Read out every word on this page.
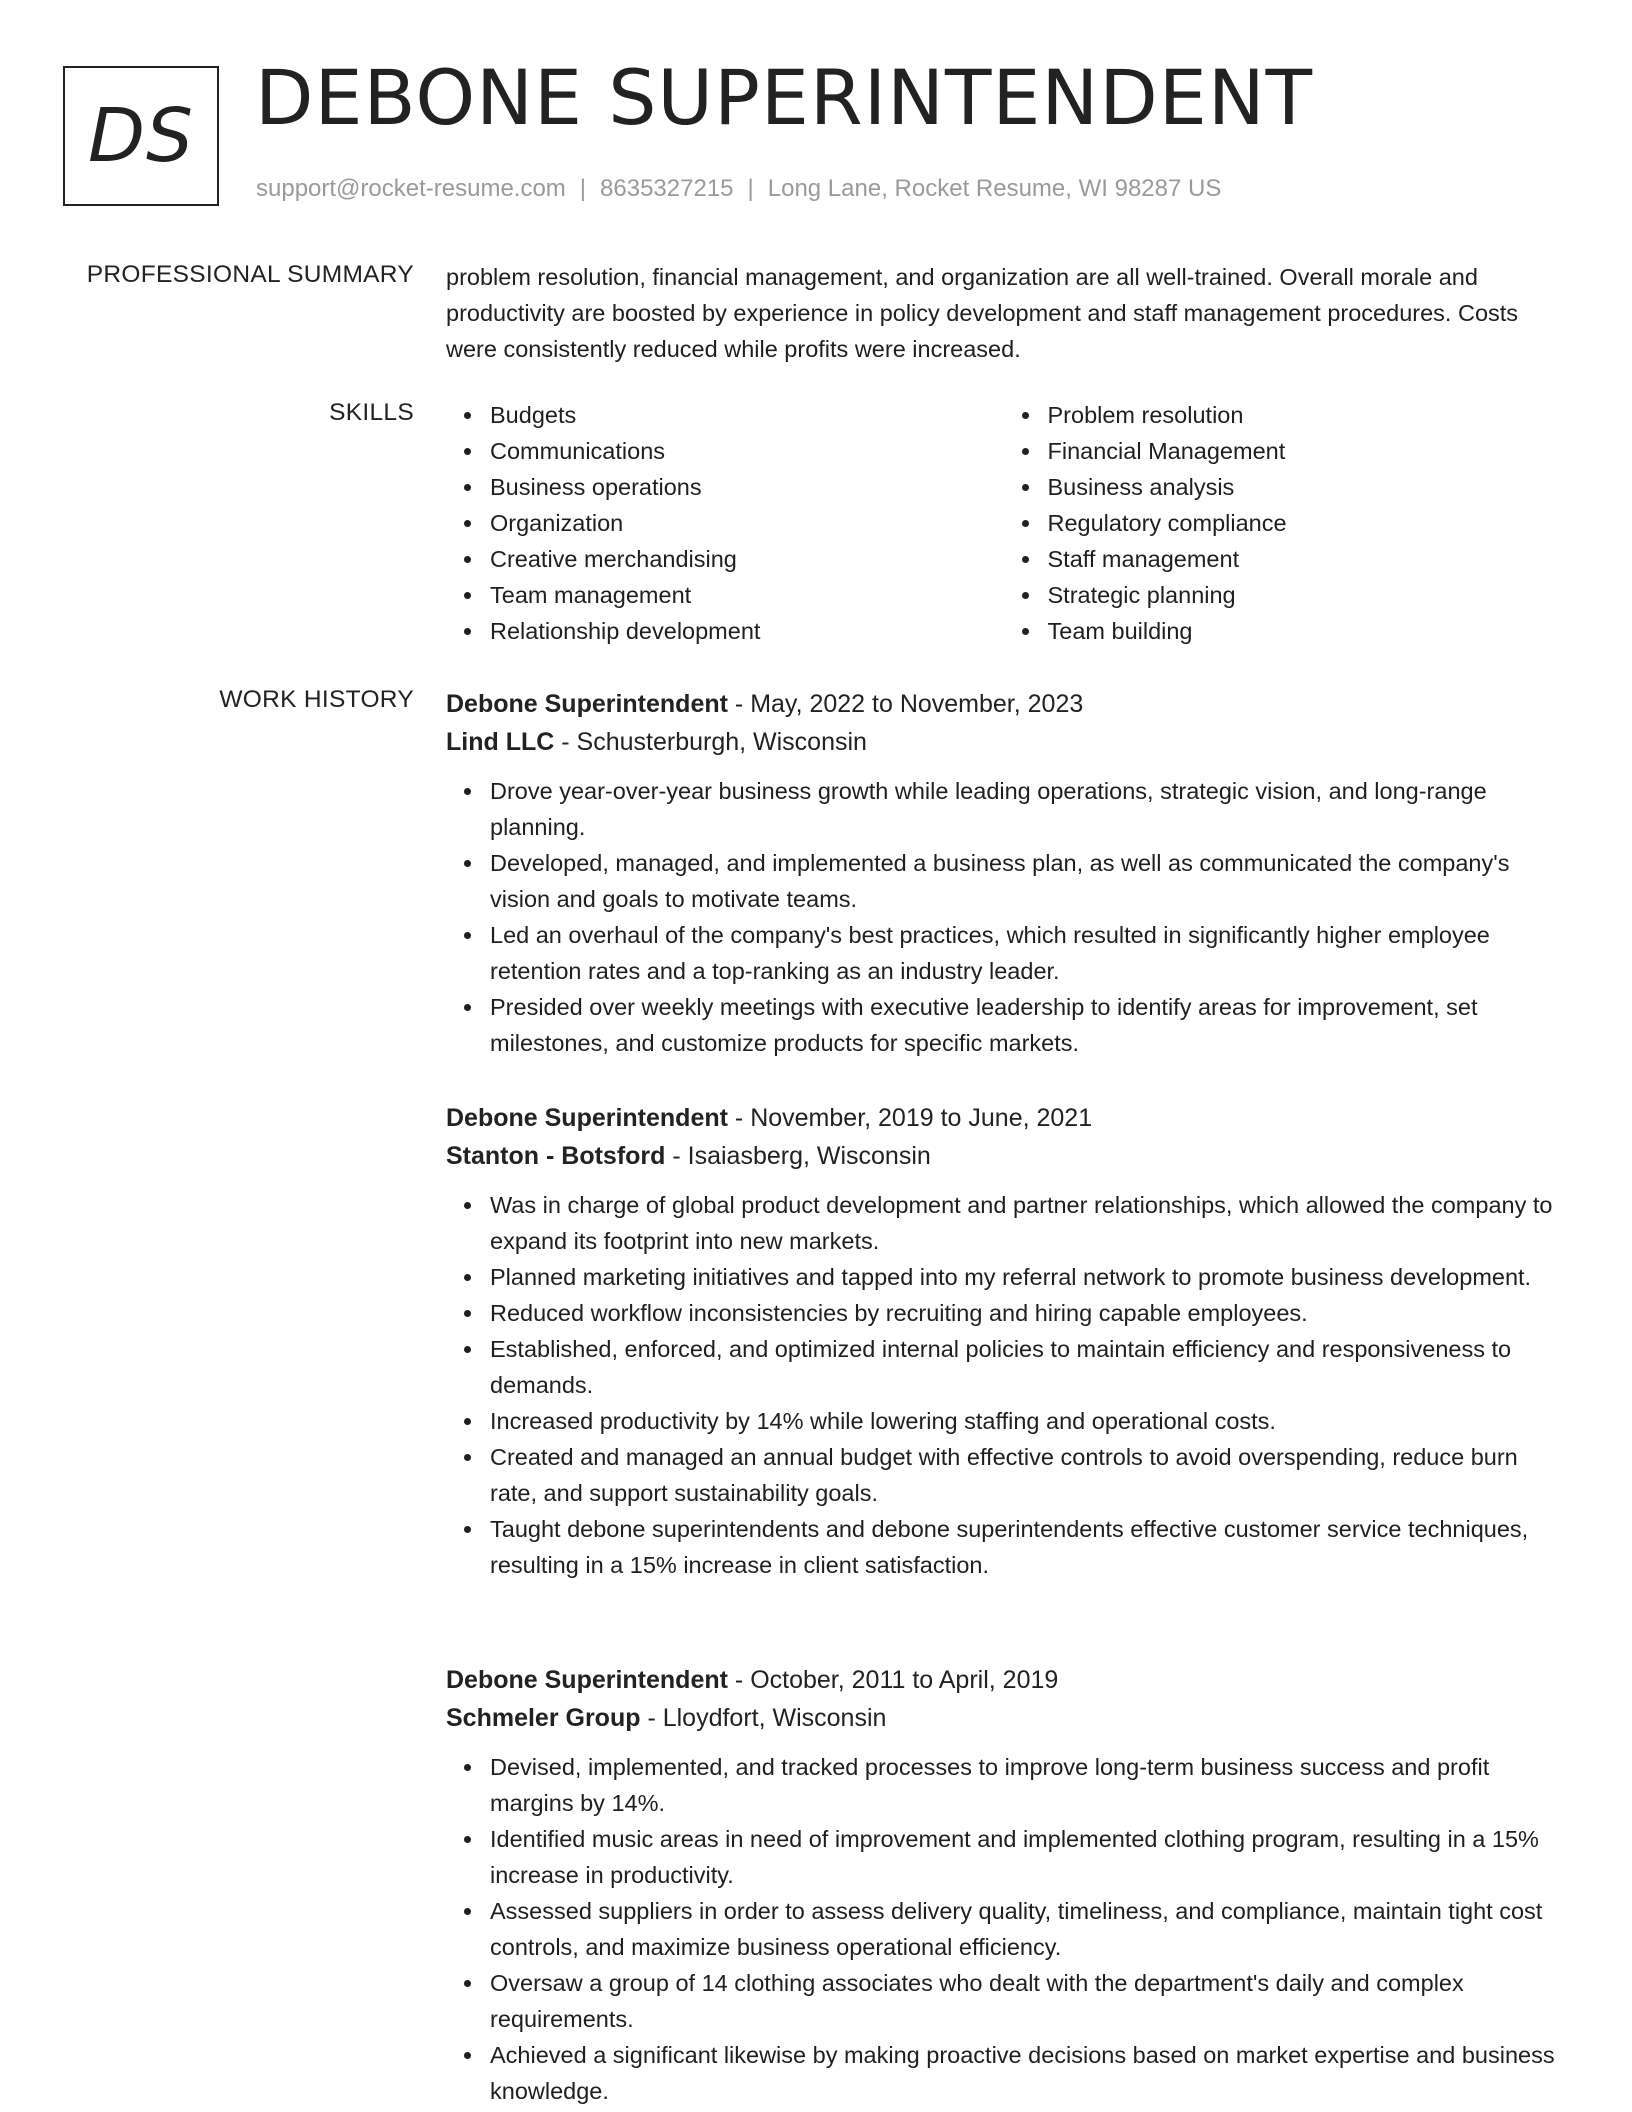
DS DEBONE SUPERINTENDENT
support@rocket-resume.com | 8635327215 | Long Lane, Rocket Resume, WI 98287 US
PROFESSIONAL SUMMARY problem resolution, financial management, and organization are all well-trained. Overall morale and productivity are boosted by experience in policy development and staff management procedures. Costs were consistently reduced while profits were increased.
SKILLS	Budgets
Communications
Business operations
Organization
Creative merchandising
Team management
Relationship development
Problem resolution
Financial Management
Business analysis
Regulatory compliance
Staff management
Strategic planning
Team building
WORK HISTORY Debone Superintendent - May, 2022 to November, 2023
Lind LLC - Schusterburgh, Wisconsin
Drove year-over-year business growth while leading operations, strategic vision, and long-range planning.
Developed, managed, and implemented a business plan, as well as communicated the company's vision and goals to motivate teams.
Led an overhaul of the company's best practices, which resulted in significantly higher employee retention rates and a top-ranking as an industry leader.
Presided over weekly meetings with executive leadership to identify areas for improvement, set milestones, and customize products for specific markets.
Debone Superintendent - November, 2019 to June, 2021
Stanton - Botsford - Isaiasberg, Wisconsin
Was in charge of global product development and partner relationships, which allowed the company to expand its footprint into new markets.
Planned marketing initiatives and tapped into my referral network to promote business development.
Reduced workflow inconsistencies by recruiting and hiring capable employees.
Established, enforced, and optimized internal policies to maintain efficiency and responsiveness to demands.
Increased productivity by 14% while lowering staffing and operational costs.
Created and managed an annual budget with effective controls to avoid overspending, reduce burn rate, and support sustainability goals.
Taught debone superintendents and debone superintendents effective customer service techniques, resulting in a 15% increase in client satisfaction.
Debone Superintendent - October, 2011 to April, 2019
Schmeler Group - Lloydfort, Wisconsin
Devised, implemented, and tracked processes to improve long-term business success and profit margins by 14%.
Identified music areas in need of improvement and implemented clothing program, resulting in a 15% increase in productivity.
Assessed suppliers in order to assess delivery quality, timeliness, and compliance, maintain tight cost controls, and maximize business operational efficiency.
Oversaw a group of 14 clothing associates who dealt with the department's daily and complex requirements.
Achieved a significant likewise by making proactive decisions based on market expertise and business knowledge.
